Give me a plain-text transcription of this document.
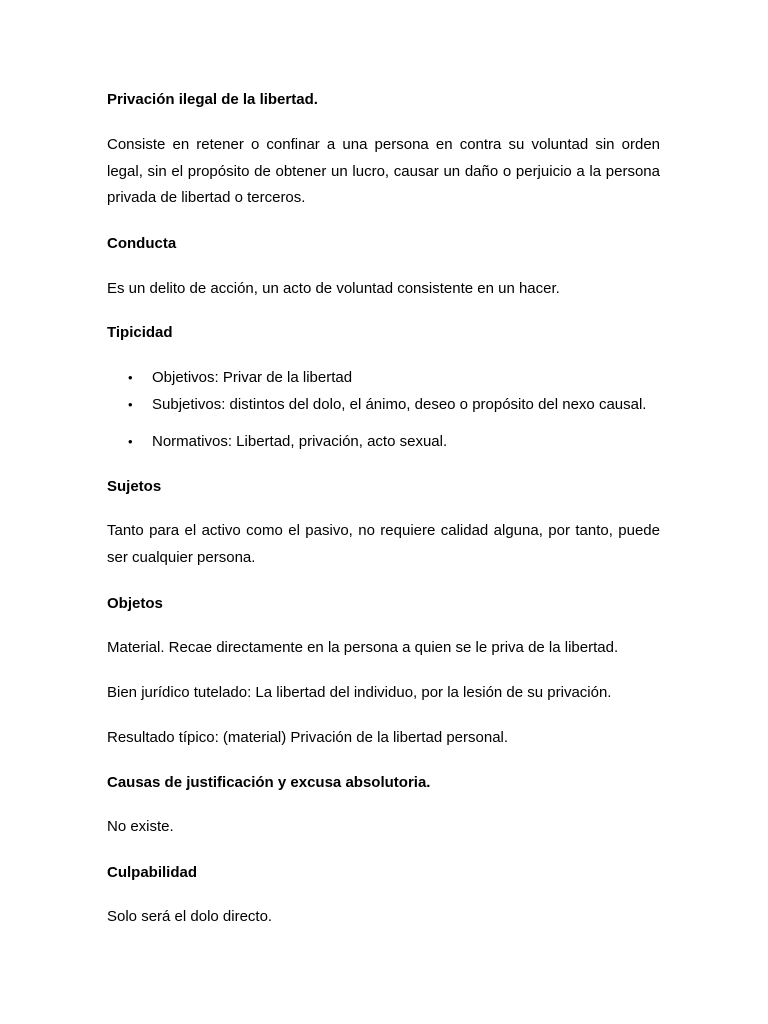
Privación ilegal de la libertad.
Consiste en retener o confinar a una persona en contra su voluntad sin orden legal, sin el propósito de obtener un lucro, causar un daño o perjuicio a la persona privada de libertad o terceros.
Conducta
Es un delito de acción, un acto de voluntad consistente en un hacer.
Tipicidad
• Objetivos: Privar de la libertad
• Subjetivos: distintos del dolo, el ánimo, deseo o propósito del nexo causal.
• Normativos: Libertad, privación, acto sexual.
Sujetos
Tanto para el activo como el pasivo, no requiere calidad alguna, por tanto, puede ser cualquier persona.
Objetos
Material. Recae directamente en la persona a quien se le priva de la libertad.
Bien jurídico tutelado: La libertad del individuo, por la lesión de su privación.
Resultado típico: (material) Privación de la libertad personal.
Causas de justificación y excusa absolutoria.
No existe.
Culpabilidad
Solo será el dolo directo.
